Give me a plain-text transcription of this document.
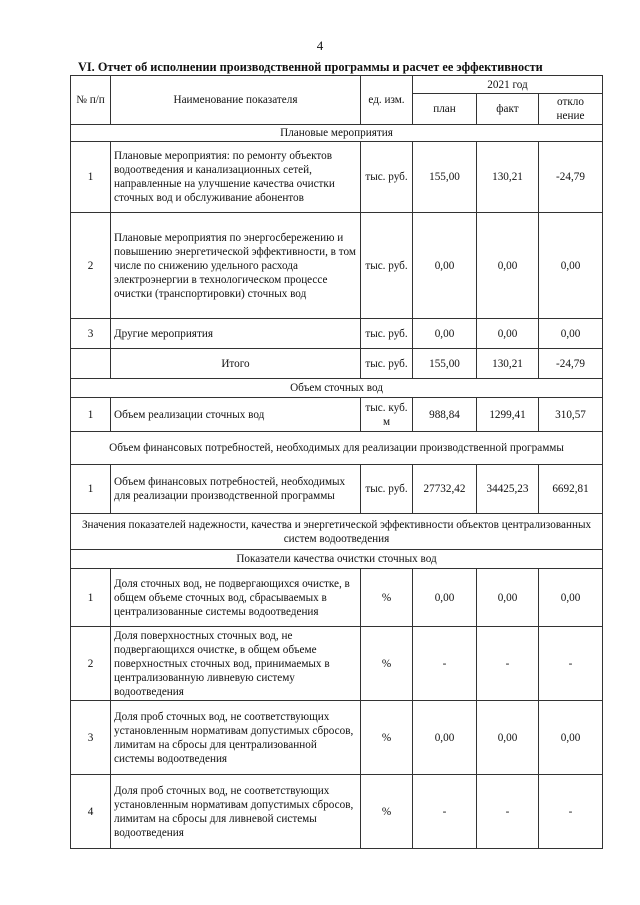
4
VI. Отчет об исполнении производственной программы и расчет ее эффективности
№ п/п	Наименование показателя	ед. изм.	2021 год		
			план	факт	откло нение
Плановые мероприятия					
1	Плановые мероприятия: по ремонту объектов водоотведения и канализационных сетей, направленные на улучшение качества очистки сточных вод и обслуживание абонентов	тыс. руб.	155,00	130,21	-24,79
2	Плановые мероприятия по энергосбережению и повышению энергетической эффективности, в том числе по снижению удельного расхода электроэнергии в технологическом процессе очистки (транспортировки) сточных вод	тыс. руб.	0,00	0,00	0,00
3	Другие мероприятия	тыс. руб.	0,00	0,00	0,00
	Итого	тыс. руб.	155,00	130,21	-24,79
Объем сточных вод					
1	Объем реализации сточных вод	тыс. куб. м	988,84	1299,41	310,57
Объем финансовых потребностей, необходимых для реализации производственной программы					
1	Объем финансовых потребностей, необходимых для реализации производственной программы	тыс. руб.	27732,42	34425,23	6692,81
Значения показателей надежности, качества и энергетической эффективности объектов централизованных систем водоотведения					
Показатели качества очистки сточных вод					
1	Доля сточных вод, не подвергающихся очистке, в общем объеме сточных вод, сбрасываемых в централизованные системы водоотведения	%	0,00	0,00	0,00
2	Доля поверхностных сточных вод, не подвергающихся очистке, в общем объеме поверхностных сточных вод, принимаемых в централизованную ливневую систему водоотведения	%	-	-	-
3	Доля проб сточных вод, не соответствующих установленным нормативам допустимых сбросов, лимитам на сбросы для централизованной системы водоотведения	%	0,00	0,00	0,00
4	Доля проб сточных вод, не соответствующих установленным нормативам допустимых сбросов, лимитам на сбросы для ливневой системы водоотведения	%	-	-	-
